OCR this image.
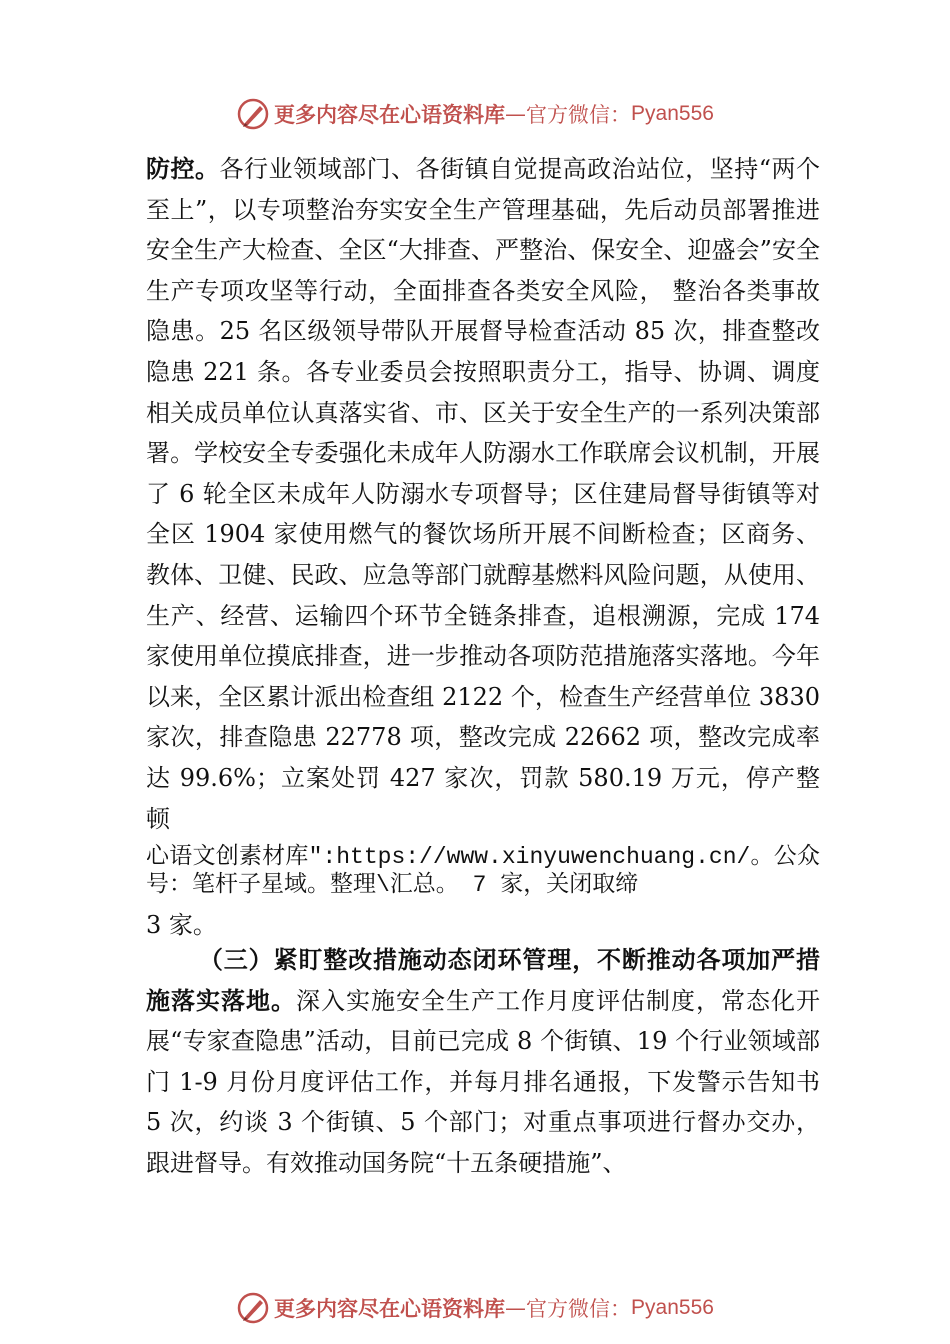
更多内容尽在心语资料库 — 官方微信： Pyan556
防控。各行业领域部门、各街镇自觉提高政治站位，坚持“两个至上”，以专项整治夯实安全生产管理基础，先后动员部署推进安全生产大检查、全区“大排查、严整治、保安全、迎盛会”安全生产专项攻坚等行动，全面排查各类安全风险， 整治各类事故隐患。25 名区级领导带队开展督导检查活动 85 次，排查整改隐患 221 条。各专业委员会按照职责分工，指导、协调、调度相关成员单位认真落实省、市、区关于安全生产的一系列决策部署。学校安全专委强化未成年人防溺水工作联席会议机制，开展了 6 轮全区未成年人防溺水专项督导；区住建局督导街镇等对全区 1904 家使用燃气的餐饮场所开展不间断检查；区商务、教体、卫健、民政、应急等部门就醇基燃料风险问题，从使用、生产、经营、运输四个环节全链条排查，追根溯源，完成 174 家使用单位摸底排查，进一步推动各项防范措施落实落地。今年以来，全区累计派出检查组 2122 个，检查生产经营单位 3830 家次，排查隐患 22778 项，整改完成 22662 项，整改完成率达 99.6%；立案处罚 427 家次，罚款 580.19 万元，停产整顿
心语文创素材库":https://www.xinyuwenchuang.cn/。公众号：笔杆子星域。整理\汇总。 7 家，关闭取缔
3 家。
（三）紧盯整改措施动态闭环管理，不断推动各项加严措施落实落地。深入实施安全生产工作月度评估制度，常态化开展“专家查隐患”活动，目前已完成 8 个街镇、19 个行业领域部门 1-9 月份月度评估工作，并每月排名通报，下发警示告知书 5 次，约谈 3 个街镇、5 个部门；对重点事项进行督办交办，跟进督导。有效推动国务院“十五条硬措施”、
更多内容尽在心语资料库 — 官方微信： Pyan556
